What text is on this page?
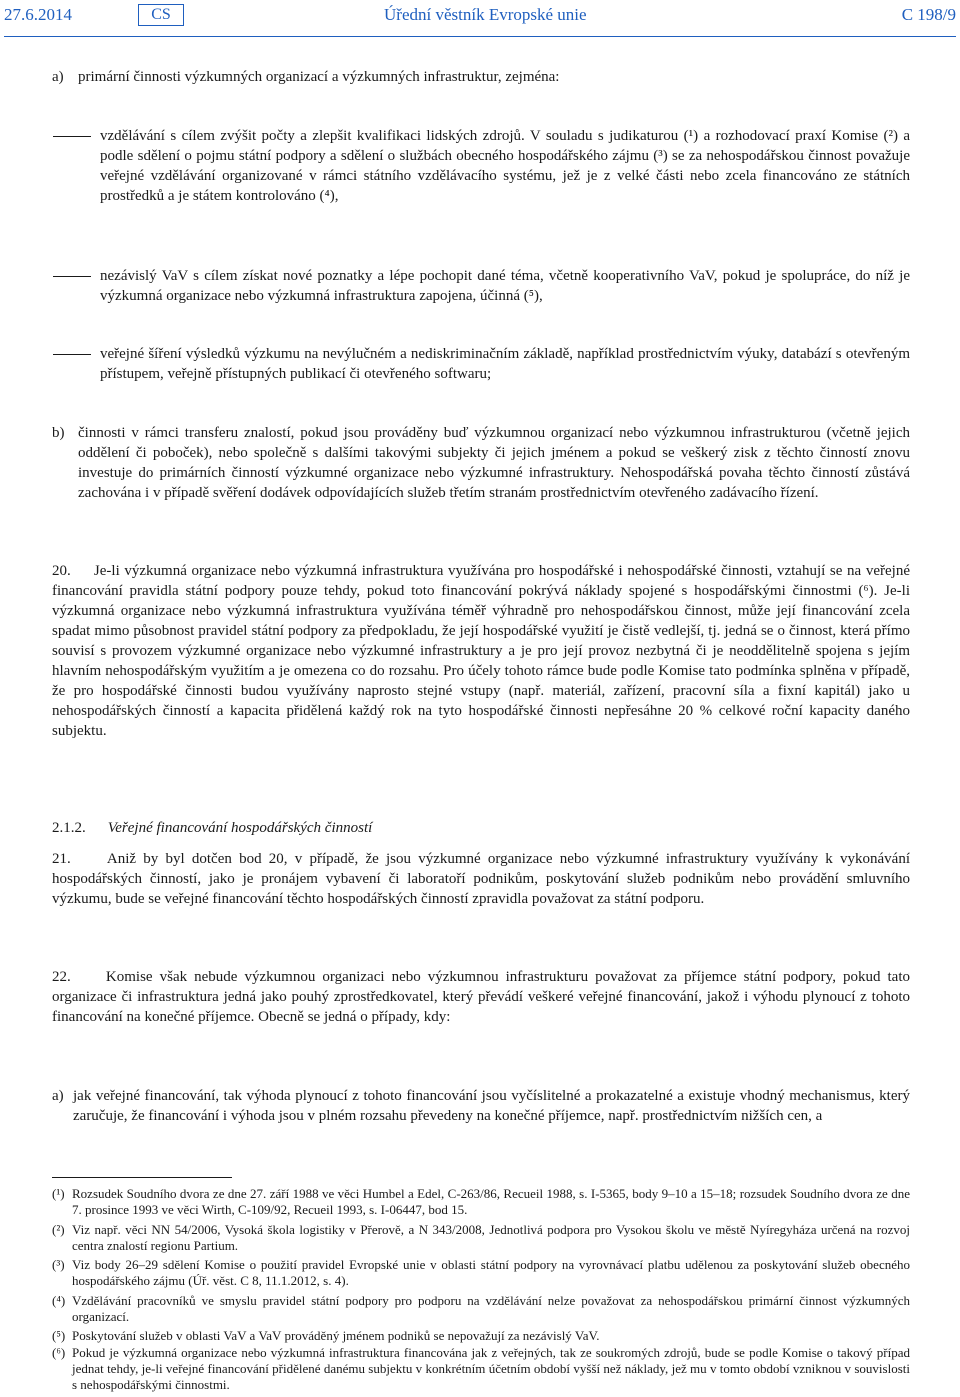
27.6.2014	CS	Úřední věstník Evropské unie	C 198/9
a) primární činnosti výzkumných organizací a výzkumných infrastruktur, zejména:

vzdělávání s cílem zvýšit počty a zlepšit kvalifikaci lidských zdrojů. V souladu s judikaturou (¹) a rozhodovací praxí Komise (²) a podle sdělení o pojmu státní podpory a sdělení o službách obecného hospodářského zájmu (³) se za nehospodářskou činnost považuje veřejné vzdělávání organizované v rámci státního vzdělávacího systému, jež je z velké části nebo zcela financováno ze státních prostředků a je státem kontrolováno (⁴),

nezávislý VaV s cílem získat nové poznatky a lépe pochopit dané téma, včetně kooperativního VaV, pokud je spolupráce, do níž je výzkumná organizace nebo výzkumná infrastruktura zapojena, účinná (⁵),

veřejné šíření výsledků výzkumu na nevýlučném a nediskriminačním základě, například prostřednictvím výuky, databází s otevřeným přístupem, veřejně přístupných publikací či otevřeného softwaru;

b) činnosti v rámci transferu znalostí, pokud jsou prováděny buď výzkumnou organizací nebo výzkumnou infrastrukturou (včetně jejich oddělení či poboček), nebo společně s dalšími takovými subjekty či jejich jménem a pokud se veškerý zisk z těchto činností znovu investuje do primárních činností výzkumné organizace nebo výzkumné infrastruktury. Nehospodářská povaha těchto činností zůstává zachována i v případě svěření dodávek odpovídajících služeb třetím stranám prostřednictvím otevřeného zadávacího řízení.

20. Je-li výzkumná organizace nebo výzkumná infrastruktura využívána pro hospodářské i nehospodářské činnosti, vztahují se na veřejné financování pravidla státní podpory pouze tehdy, pokud toto financování pokrývá náklady spojené s hospodářskými činnostmi (⁶). Je-li výzkumná organizace nebo výzkumná infrastruktura využívána téměř výhradně pro nehospodářskou činnost, může její financování zcela spadat mimo působnost pravidel státní podpory za předpokladu, že její hospodářské využití je čistě vedlejší, tj. jedná se o činnost, která přímo souvisí s provozem výzkumné organizace nebo výzkumné infrastruktury a je pro její provoz nezbytná či je neoddělitelně spojena s jejím hlavním nehospodářským využitím a je omezena co do rozsahu. Pro účely tohoto rámce bude podle Komise tato podmínka splněna v případě, že pro hospodářské činnosti budou využívány naprosto stejné vstupy (např. materiál, zařízení, pracovní síla a fixní kapitál) jako u nehospodářských činností a kapacita přidělená každý rok na tyto hospodářské činnosti nepřesáhne 20 % celkové roční kapacity daného subjektu.

2.1.2. Veřejné financování hospodářských činností

21. Aniž by byl dotčen bod 20, v případě, že jsou výzkumné organizace nebo výzkumné infrastruktury využívány k vykonávání hospodářských činností, jako je pronájem vybavení či laboratoří podnikům, poskytování služeb podnikům nebo provádění smluvního výzkumu, bude se veřejné financování těchto hospodářských činností zpravidla považovat za státní podporu.

22. Komise však nebude výzkumnou organizaci nebo výzkumnou infrastrukturu považovat za příjemce státní podpory, pokud tato organizace či infrastruktura jedná jako pouhý zprostředkovatel, který převádí veškeré veřejné financování, jakož i výhodu plynoucí z tohoto financování na konečné příjemce. Obecně se jedná o případy, kdy:

a) jak veřejné financování, tak výhoda plynoucí z tohoto financování jsou vyčíslitelné a prokazatelné a existuje vhodný mechanismus, který zaručuje, že financování i výhoda jsou v plném rozsahu převedeny na konečné příjemce, např. prostřednictvím nižších cen, a

(¹) Rozsudek Soudního dvora ze dne 27. září 1988 ve věci Humbel a Edel, C-263/86, Recueil 1988, s. I-5365, body 9–10 a 15–18; rozsudek Soudního dvora ze dne 7. prosince 1993 ve věci Wirth, C-109/92, Recueil 1993, s. I-06447, bod 15.
(²) Viz např. věci NN 54/2006, Vysoká škola logistiky v Přerově, a N 343/2008, Jednotlivá podpora pro Vysokou školu ve městě Nyíregyháza určená na rozvoj centra znalostí regionu Partium.
(³) Viz body 26–29 sdělení Komise o použití pravidel Evropské unie v oblasti státní podpory na vyrovnávací platbu udělenou za poskytování služeb obecného hospodářského zájmu (Úř. věst. C 8, 11.1.2012, s. 4).
(⁴) Vzdělávání pracovníků ve smyslu pravidel státní podpory pro podporu na vzdělávání nelze považovat za nehospodářskou primární činnost výzkumných organizací.
(⁵) Poskytování služeb v oblasti VaV a VaV prováděný jménem podniků se nepovažují za nezávislý VaV.
(⁶) Pokud je výzkumná organizace nebo výzkumná infrastruktura financována jak z veřejných, tak ze soukromých zdrojů, bude se podle Komise o takový případ jednat tehdy, je-li veřejné financování přidělené danému subjektu v konkrétním účetním období vyšší než náklady, jež mu v tomto období vzniknou v souvislosti s nehospodářskými činnostmi.
